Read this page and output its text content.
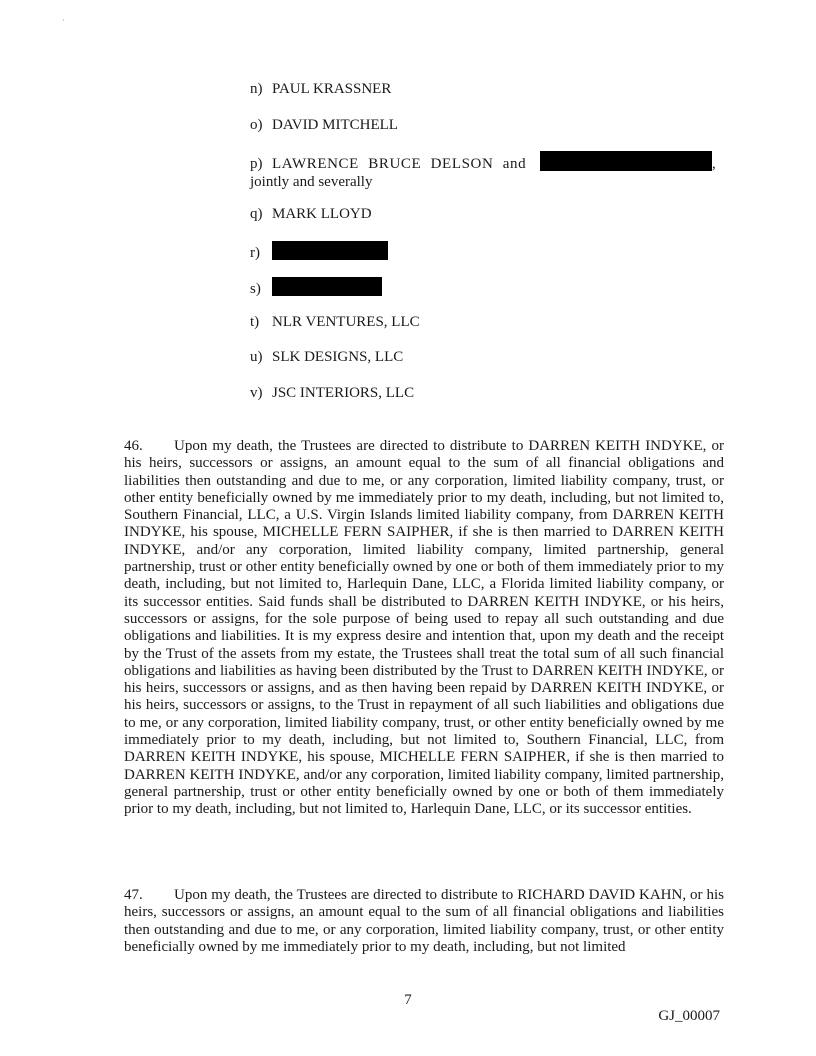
`
n) PAUL KRASSNER
o) DAVID MITCHELL
p) LAWRENCE BRUCE DELSON and	,
jointly and severally
q) MARK LLOYD
r)
s)
t) NLR VENTURES, LLC
u) SLK DESIGNS, LLC
v) JSC INTERIORS, LLC

46. Upon my death, the Trustees are directed to distribute to DARREN KEITH INDYKE, or his heirs, successors or assigns, an amount equal to the sum of all financial obligations and liabilities then outstanding and due to me, or any corporation, limited liability company, trust, or other entity beneficially owned by me immediately prior to my death, including, but not limited to, Southern Financial, LLC, a U.S. Virgin Islands limited liability company, from DARREN KEITH INDYKE, his spouse, MICHELLE FERN SAIPHER, if she is then married to DARREN KEITH INDYKE, and/or any corporation, limited liability company, limited partnership, general partnership, trust or other entity beneficially owned by one or both of them immediately prior to my death, including, but not limited to, Harlequin Dane, LLC, a Florida limited liability company, or its successor entities. Said funds shall be distributed to DARREN KEITH INDYKE, or his heirs, successors or assigns, for the sole purpose of being used to repay all such outstanding and due obligations and liabilities. It is my express desire and intention that, upon my death and the receipt by the Trust of the assets from my estate, the Trustees shall treat the total sum of all such financial obligations and liabilities as having been distributed by the Trust to DARREN KEITH INDYKE, or his heirs, successors or assigns, and as then having been repaid by DARREN KEITH INDYKE, or his heirs, successors or assigns, to the Trust in repayment of all such liabilities and obligations due to me, or any corporation, limited liability company, trust, or other entity beneficially owned by me immediately prior to my death, including, but not limited to, Southern Financial, LLC, from DARREN KEITH INDYKE, his spouse, MICHELLE FERN SAIPHER, if she is then married to DARREN KEITH INDYKE, and/or any corporation, limited liability company, limited partnership, general partnership, trust or other entity beneficially owned by one or both of them immediately prior to my death, including, but not limited to, Harlequin Dane, LLC, or its successor entities.

47. Upon my death, the Trustees are directed to distribute to RICHARD DAVID KAHN, or his heirs, successors or assigns, an amount equal to the sum of all financial obligations and liabilities then outstanding and due to me, or any corporation, limited liability company, trust, or other entity beneficially owned by me immediately prior to my death, including, but not limited

7
GJ_00007
